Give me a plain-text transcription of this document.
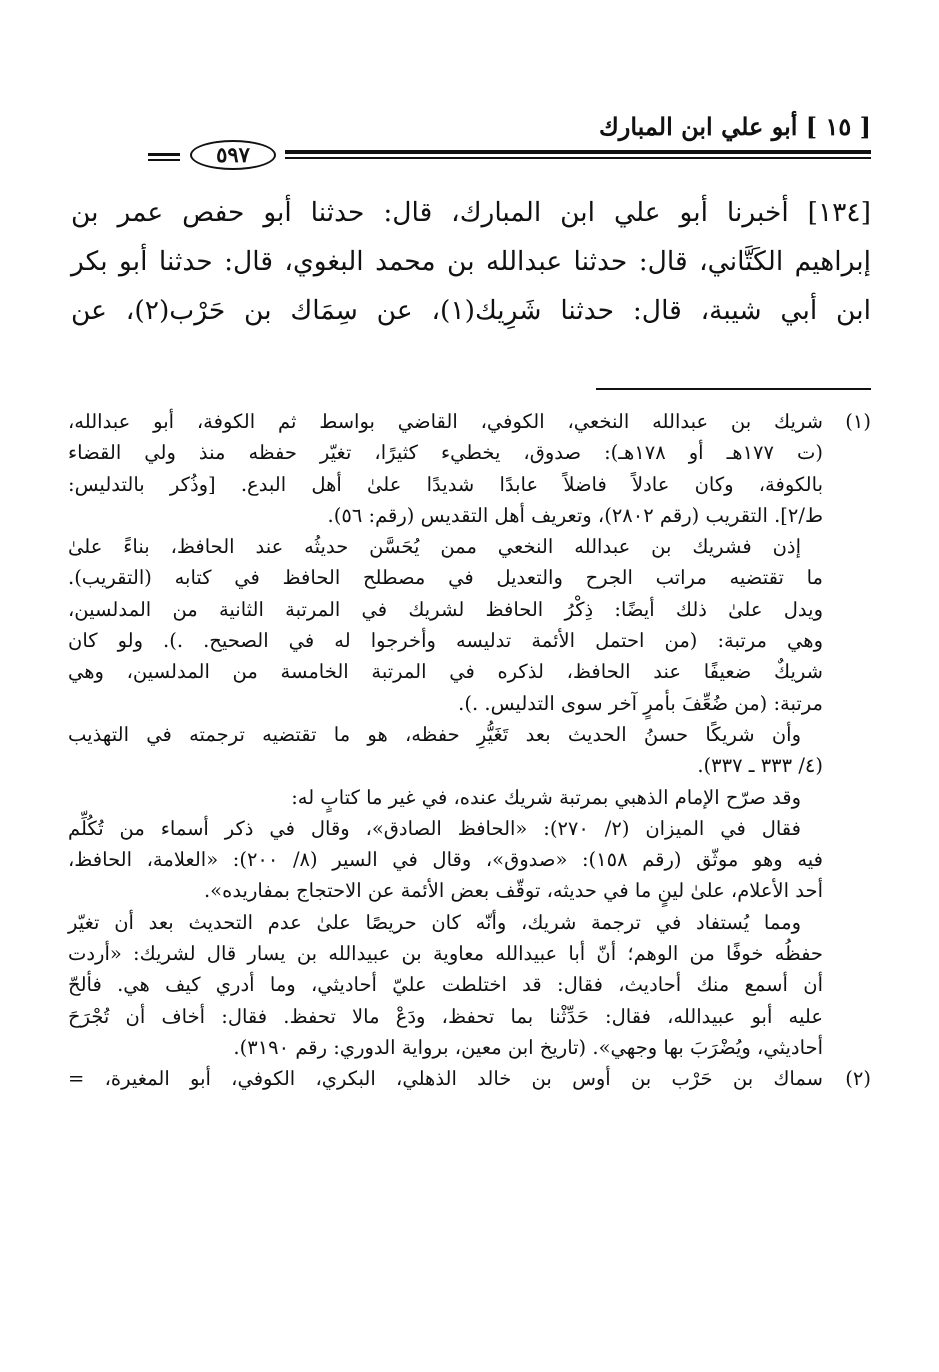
[ ١٥ ] أبو علي ابن المبارك
٥٩٧

[١٣٤] أخبرنا أبو علي ابن المبارك، قال: حدثنا أبو حفص عمر بن

إبراهيم الكَتَّاني، قال: حدثنا عبدالله بن محمد البغوي، قال: حدثنا أبو بكر

ابن أبي شيبة، قال: حدثنا شَرِيك(١)، عن سِمَاك بن حَرْب(٢)، عن

(١)
شريك بن عبدالله النخعي، الكوفي، القاضي بواسط ثم الكوفة، أبو عبدالله،
(ت ١٧٧هـ أو ١٧٨هـ): صدوق، يخطيء كثيرًا، تغيّر حفظه منذ ولي القضاء
بالكوفة، وكان عادلاً فاضلاً عابدًا شديدًا علىٰ أهل البدع. [وذُكر بالتدليس:
ط/٢]. التقريب (رقم ٢٨٠٢)، وتعريف أهل التقديس (رقم: ٥٦).
إذن فشريك بن عبدالله النخعي ممن يُحَسَّن حديثُه عند الحافظ، بناءً علىٰ
ما تقتضيه مراتب الجرح والتعديل في مصطلح الحافظ في كتابه (التقريب).
ويدل علىٰ ذلك أيضًا: ذِكْرُ الحافظ لشريك في المرتبة الثانية من المدلسين،
وهي مرتبة: (من احتمل الأئمة تدليسه وأخرجوا له في الصحيح. .). ولو كان
شريكٌ ضعيفًا عند الحافظ، لذكره في المرتبة الخامسة من المدلسين، وهي
مرتبة: (من ضُعِّفَ بأمرٍ آخر سوى التدليس. .).
وأن شريكًا حسنُ الحديث بعد تَغَيُّرِ حفظه، هو ما تقتضيه ترجمته في التهذيب
(٤/ ٣٣٣ ـ ٣٣٧).
وقد صرّح الإمام الذهبي بمرتبة شريك عنده، في غير ما كتابٍ له:
فقال في الميزان (٢/ ٢٧٠): «الحافظ الصادق»، وقال في ذكر أسماء من تُكُلِّم
فيه وهو موثّق (رقم ١٥٨): «صدوق»، وقال في السير (٨/ ٢٠٠): «العلامة، الحافظ،
أحد الأعلام، علىٰ لينٍ ما في حديثه، توقّف بعض الأئمة عن الاحتجاج بمفاريده».
ومما يُستفاد في ترجمة شريك، وأنّه كان حريصًا علىٰ عدم التحديث بعد أن تغيّر
حفظُه خوفًا من الوهم؛ أنّ أبا عبيدالله معاوية بن عبيدالله بن يسار قال لشريك: «أردت
أن أسمع منك أحاديث، فقال: قد اختلطت عليّ أحاديثي، وما أدري كيف هي. فألحّ
عليه أبو عبيدالله، فقال: حَدِّثْنا بما تحفظ، ودَعْ مالا تحفظ. فقال: أخاف أن تُجْرَحَ
أحاديثي، ويُضْرَبَ بها وجهي». (تاريخ ابن معين، برواية الدوري: رقم ٣١٩٠).
(٢)
سماك بن حَرْب بن أوس بن خالد الذهلي، البكري، الكوفي، أبو المغيرة، =
